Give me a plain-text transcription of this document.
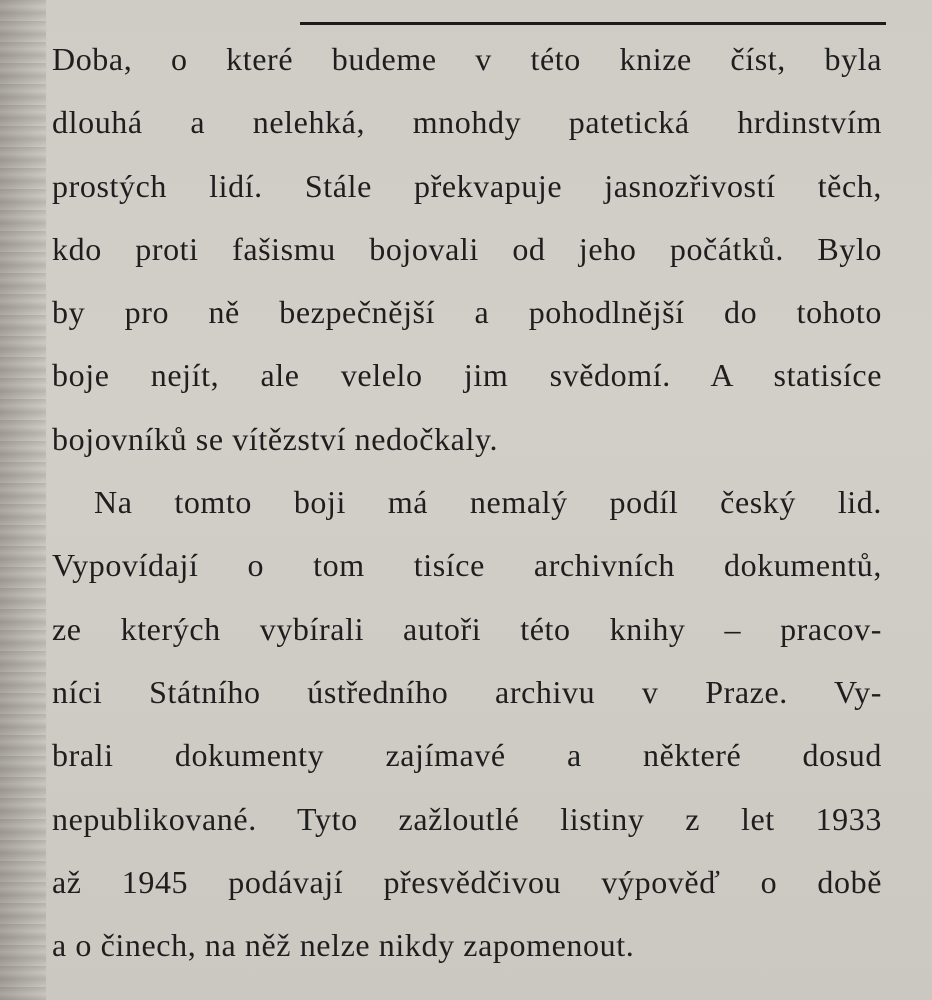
Doba, o které budeme v této knize číst, byla
dlouhá a nelehká, mnohdy patetická hrdinstvím
prostých lidí. Stále překvapuje jasnozřivostí těch,
kdo proti fašismu bojovali od jeho počátků. Bylo
by pro ně bezpečnější a pohodlnější do tohoto
boje nejít, ale velelo jim svědomí. A statisíce
bojovníků se vítězství nedočkaly.
Na tomto boji má nemalý podíl český lid.
Vypovídají o tom tisíce archivních dokumentů,
ze kterých vybírali autoři této knihy – pracov-
níci Státního ústředního archivu v Praze. Vy-
brali dokumenty zajímavé a některé dosud
nepublikované. Tyto zažloutlé listiny z let 1933
až 1945 podávají přesvědčivou výpověď o době
a o činech, na něž nelze nikdy zapomenout.
